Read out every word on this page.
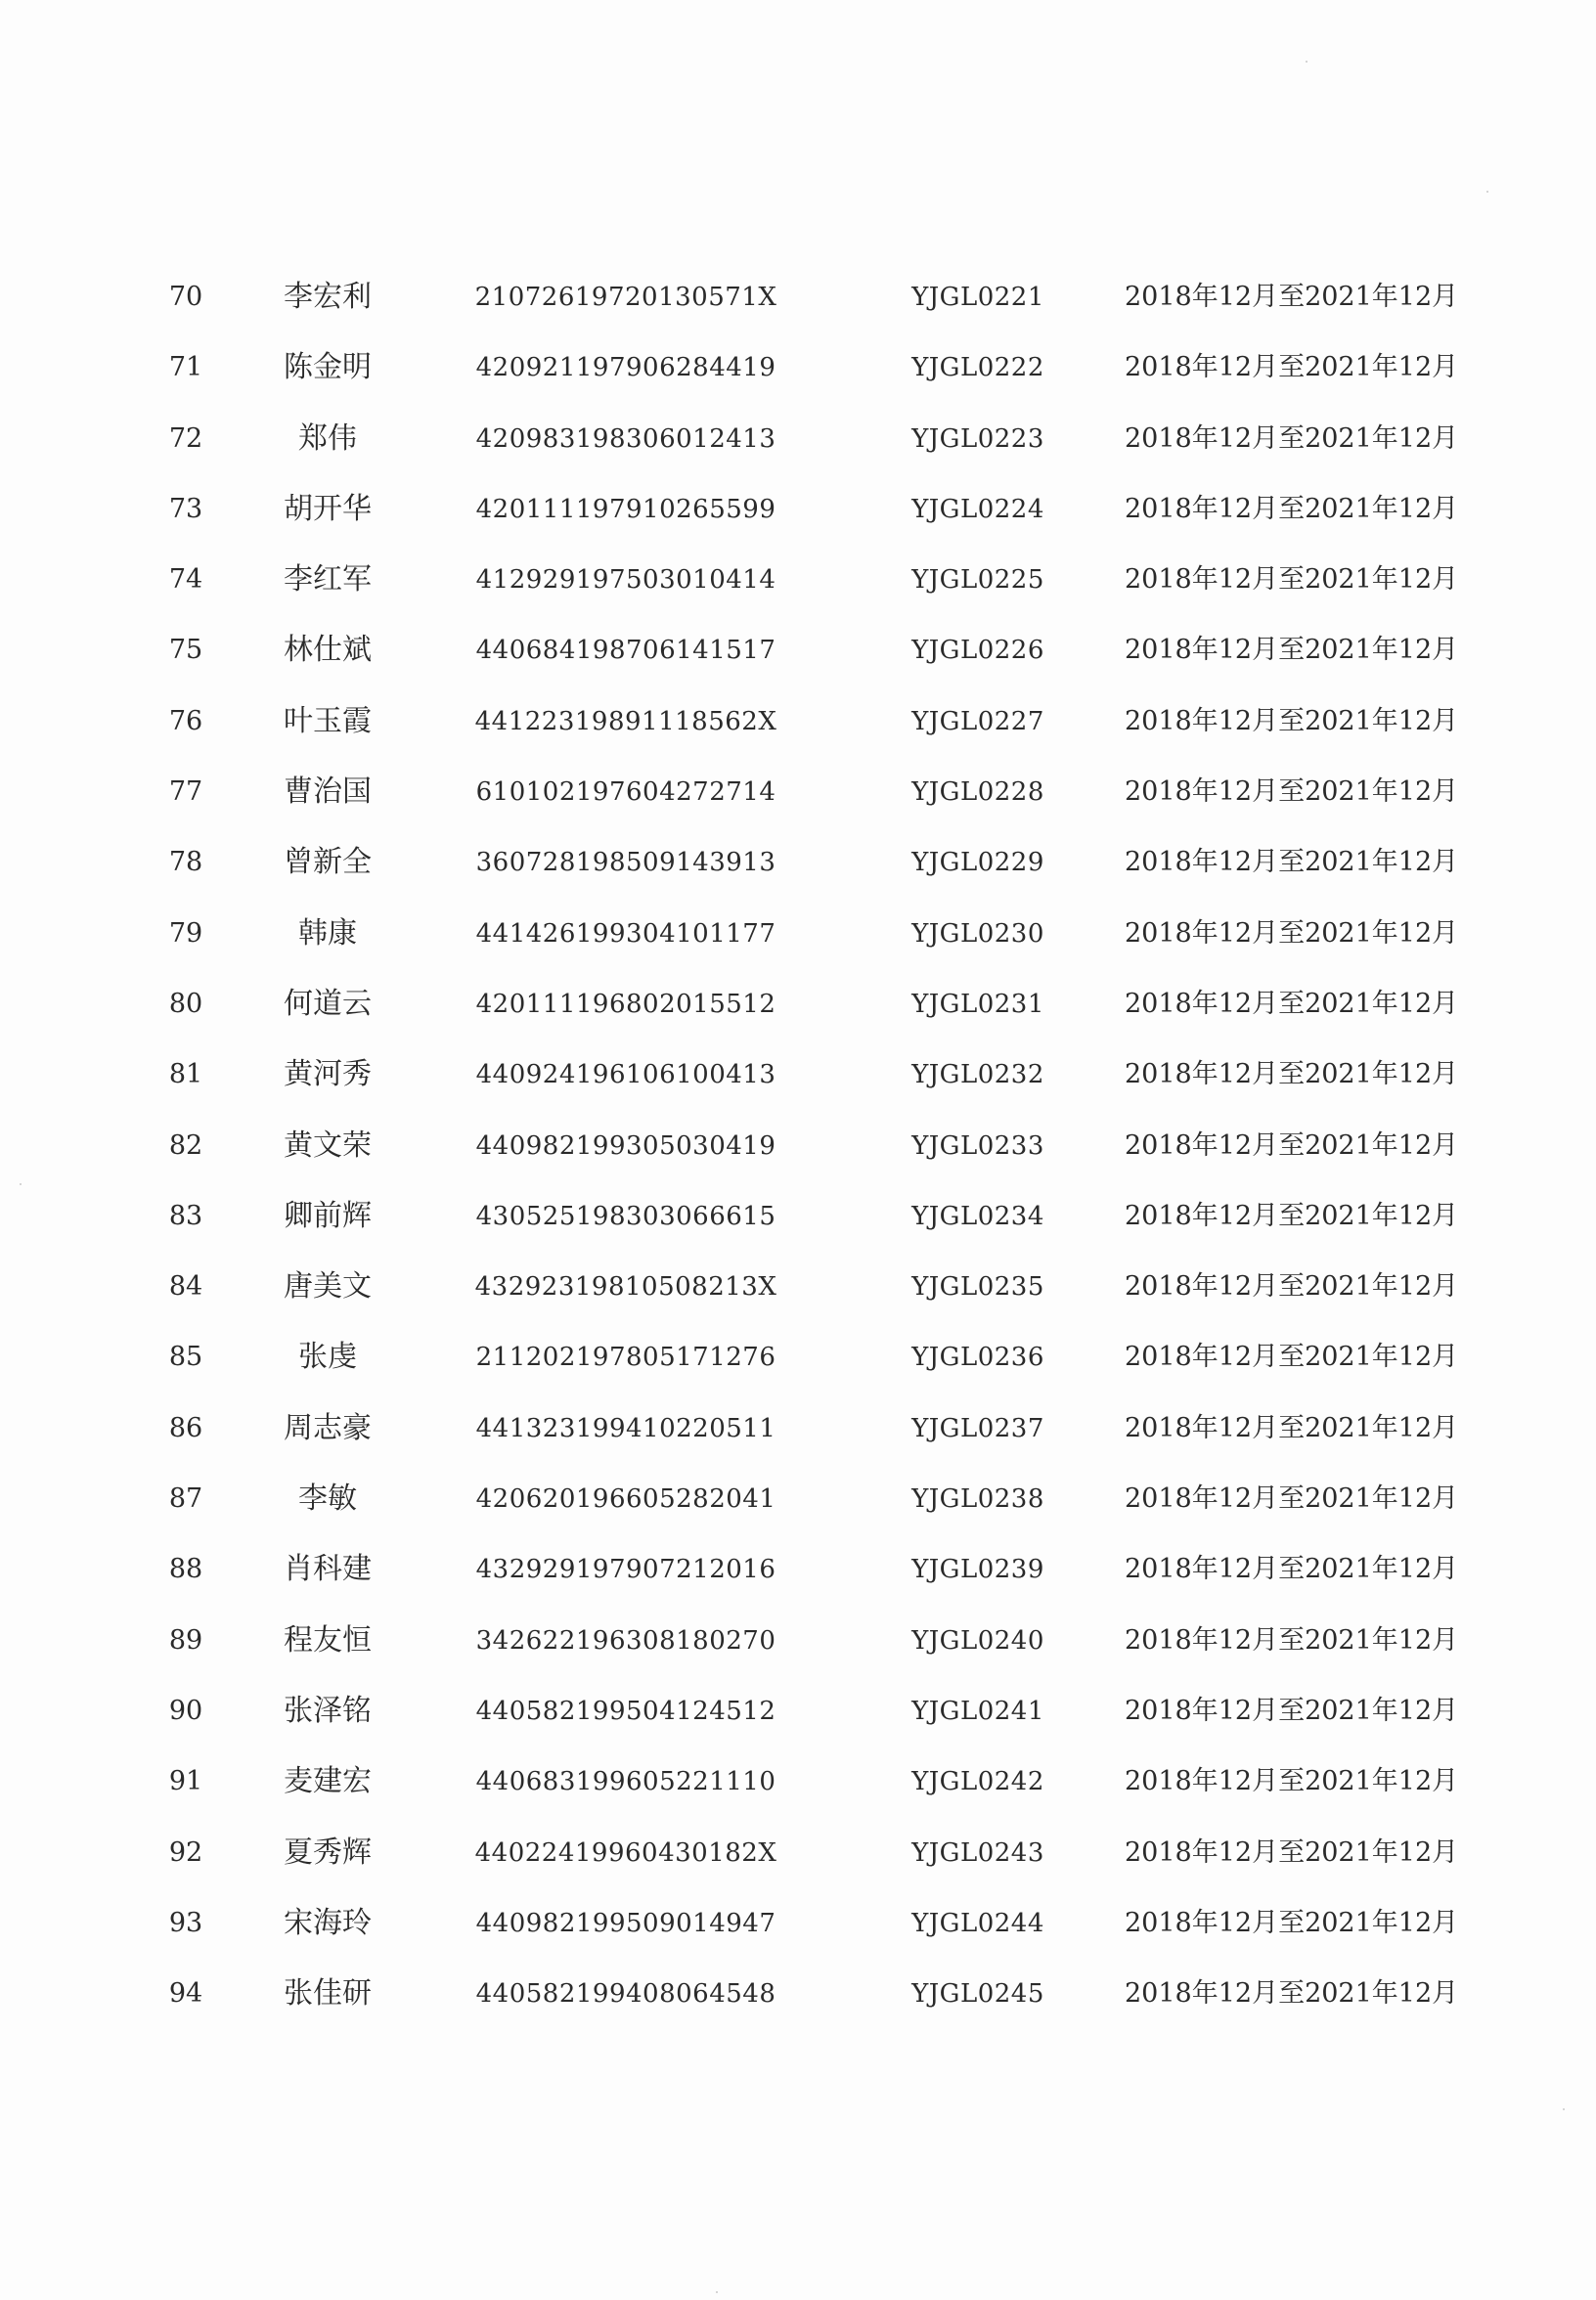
70	李宏利	21072619720130571X	YJGL0221	2018年12月至2021年12月
71	陈金明	420921197906284419	YJGL0222	2018年12月至2021年12月
72	郑伟	420983198306012413	YJGL0223	2018年12月至2021年12月
73	胡开华	420111197910265599	YJGL0224	2018年12月至2021年12月
74	李红军	412929197503010414	YJGL0225	2018年12月至2021年12月
75	林仕斌	440684198706141517	YJGL0226	2018年12月至2021年12月
76	叶玉霞	44122319891118562X	YJGL0227	2018年12月至2021年12月
77	曹治国	610102197604272714	YJGL0228	2018年12月至2021年12月
78	曾新全	360728198509143913	YJGL0229	2018年12月至2021年12月
79	韩康	441426199304101177	YJGL0230	2018年12月至2021年12月
80	何道云	420111196802015512	YJGL0231	2018年12月至2021年12月
81	黄河秀	440924196106100413	YJGL0232	2018年12月至2021年12月
82	黄文荣	440982199305030419	YJGL0233	2018年12月至2021年12月
83	卿前辉	430525198303066615	YJGL0234	2018年12月至2021年12月
84	唐美文	43292319810508213X	YJGL0235	2018年12月至2021年12月
85	张虔	211202197805171276	YJGL0236	2018年12月至2021年12月
86	周志豪	441323199410220511	YJGL0237	2018年12月至2021年12月
87	李敏	420620196605282041	YJGL0238	2018年12月至2021年12月
88	肖科建	432929197907212016	YJGL0239	2018年12月至2021年12月
89	程友恒	342622196308180270	YJGL0240	2018年12月至2021年12月
90	张泽铭	440582199504124512	YJGL0241	2018年12月至2021年12月
91	麦建宏	440683199605221110	YJGL0242	2018年12月至2021年12月
92	夏秀辉	44022419960430182X	YJGL0243	2018年12月至2021年12月
93	宋海玲	440982199509014947	YJGL0244	2018年12月至2021年12月
94	张佳研	440582199408064548	YJGL0245	2018年12月至2021年12月
